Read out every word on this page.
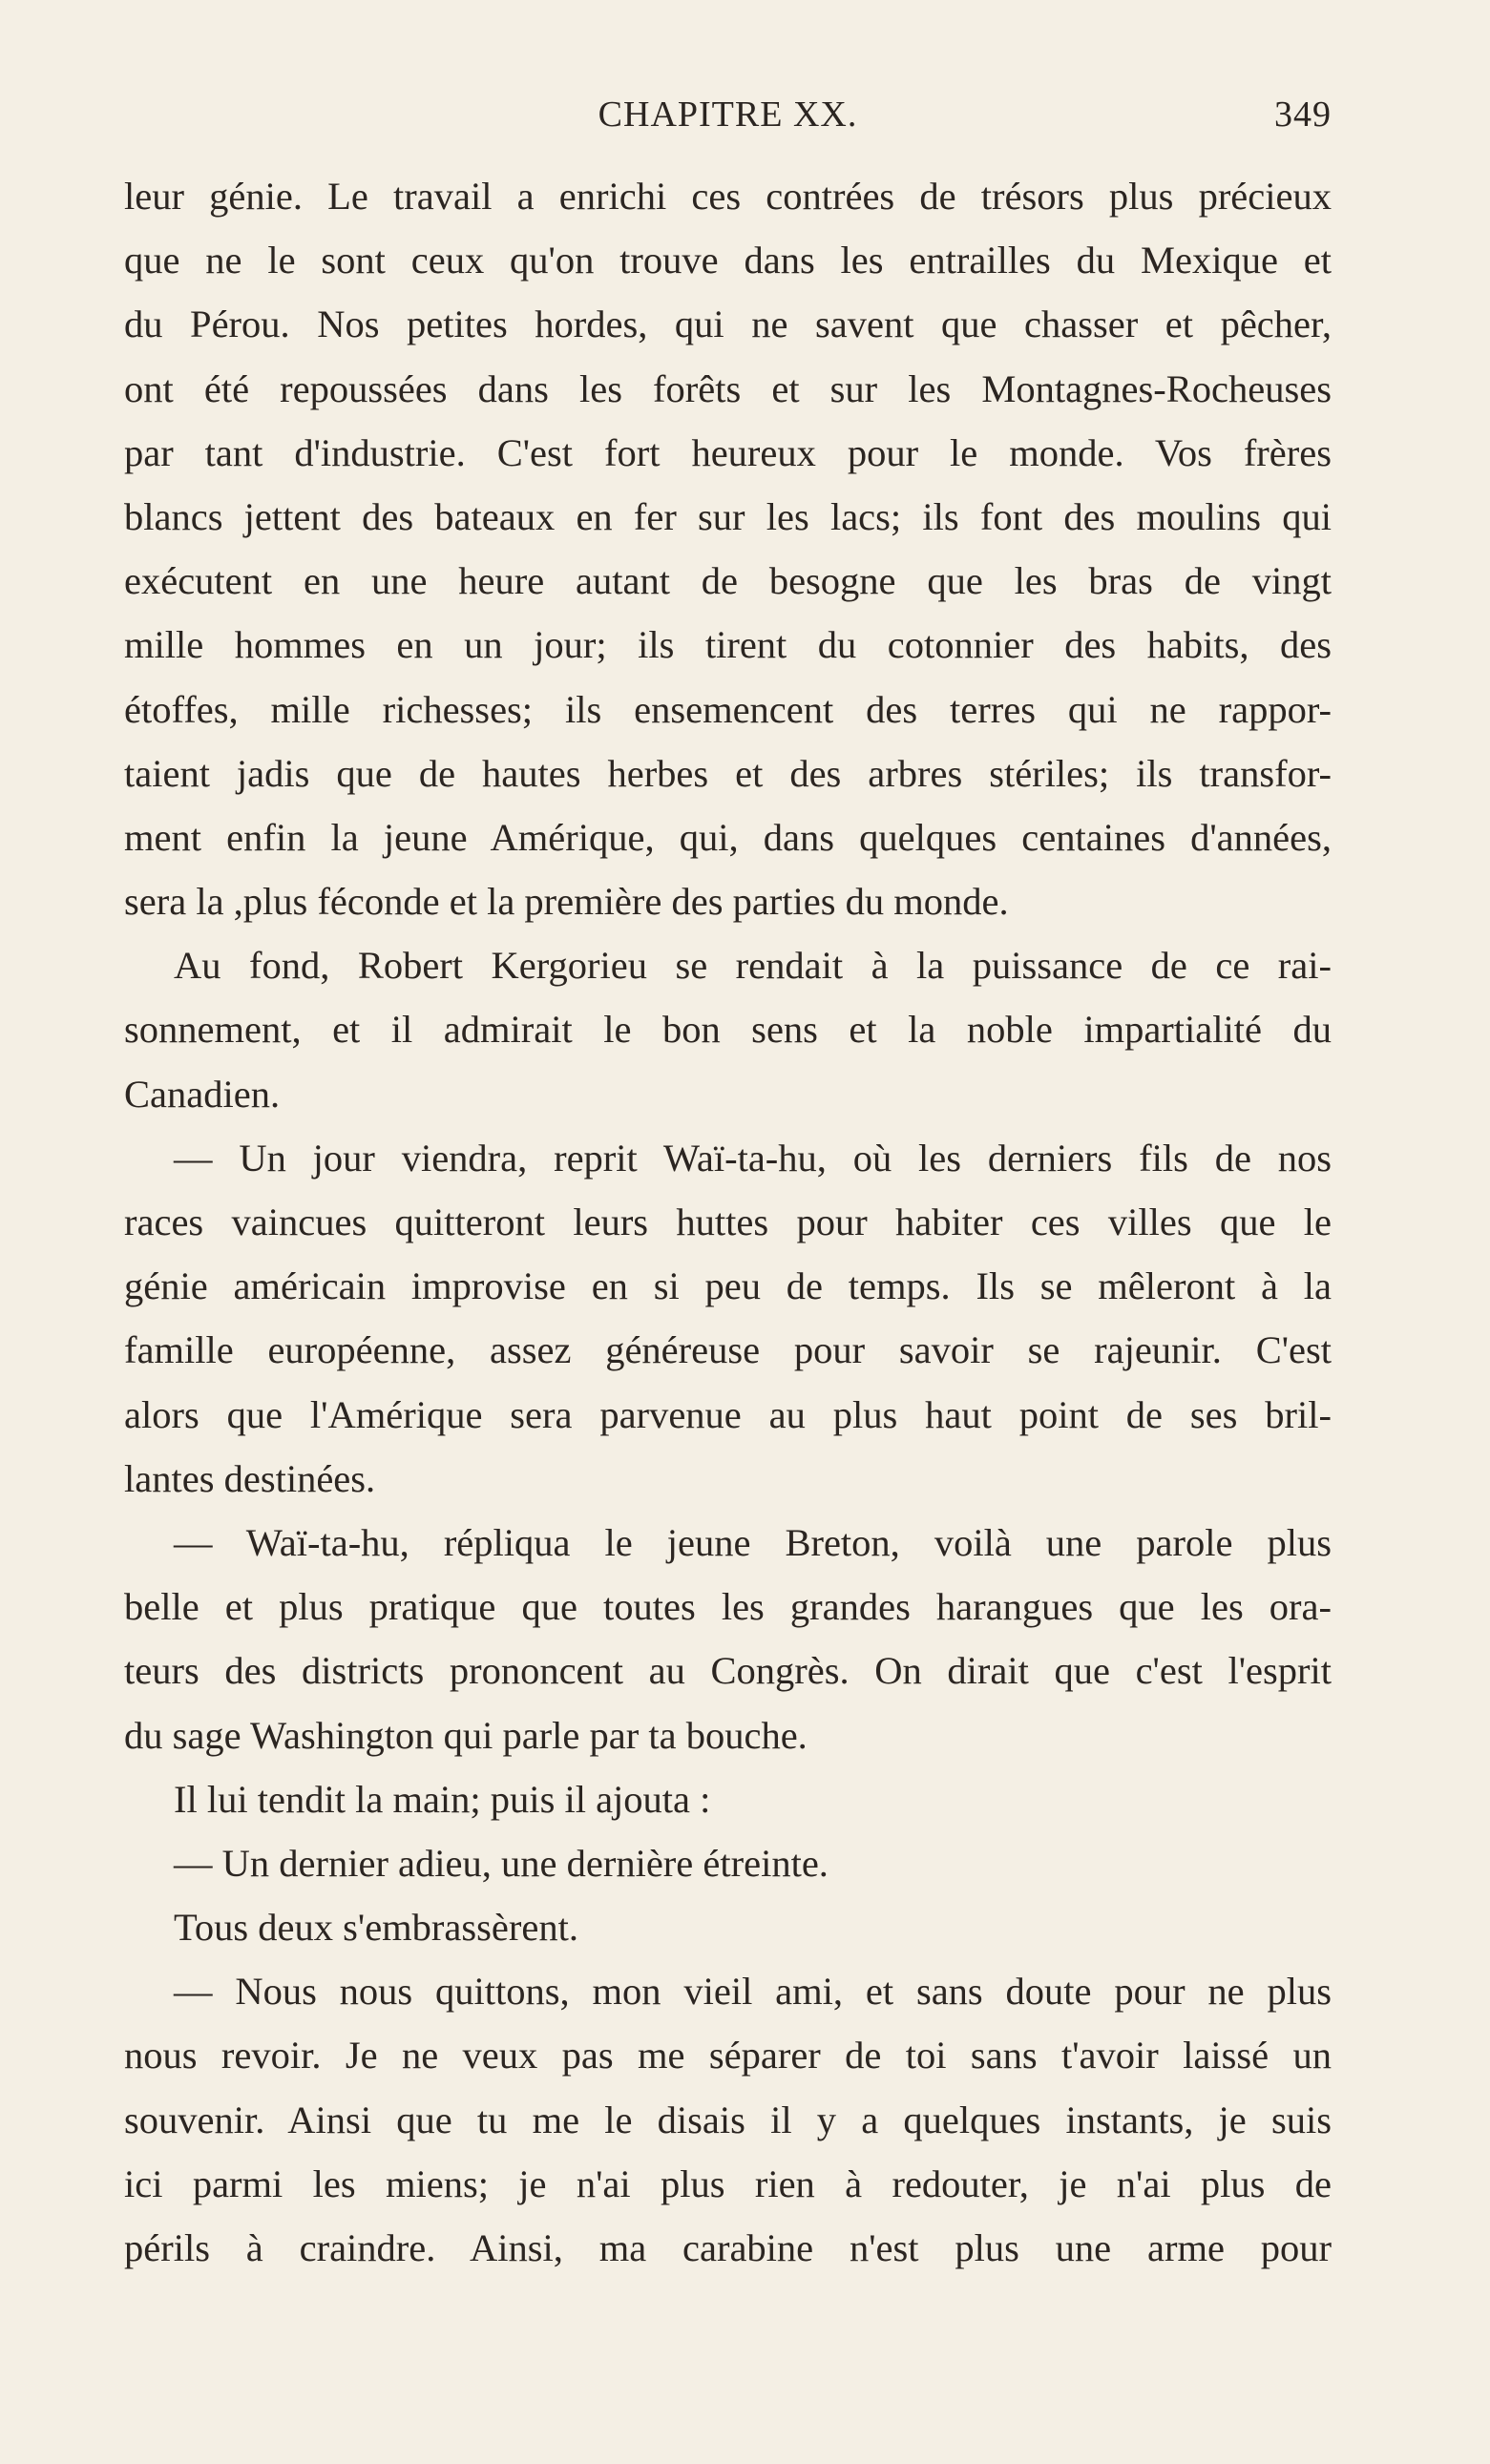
CHAPITRE XX.	349
leur génie. Le travail a enrichi ces contrées de trésors plus précieux
que ne le sont ceux qu'on trouve dans les entrailles du Mexique et
du Pérou. Nos petites hordes, qui ne savent que chasser et pêcher,
ont été repoussées dans les forêts et sur les Montagnes-Rocheuses
par tant d'industrie. C'est fort heureux pour le monde. Vos frères
blancs jettent des bateaux en fer sur les lacs; ils font des moulins qui
exécutent en une heure autant de besogne que les bras de vingt
mille hommes en un jour; ils tirent du cotonnier des habits, des
étoffes, mille richesses; ils ensemencent des terres qui ne rappor-
taient jadis que de hautes herbes et des arbres stériles; ils transfor-
ment enfin la jeune Amérique, qui, dans quelques centaines d'années,
sera la ,plus féconde et la première des parties du monde.
Au fond, Robert Kergorieu se rendait à la puissance de ce rai-
sonnement, et il admirait le bon sens et la noble impartialité du
Canadien.
— Un jour viendra, reprit Waï-ta-hu, où les derniers fils de nos
races vaincues quitteront leurs huttes pour habiter ces villes que le
génie américain improvise en si peu de temps. Ils se mêleront à la
famille européenne, assez généreuse pour savoir se rajeunir. C'est
alors que l'Amérique sera parvenue au plus haut point de ses bril-
lantes destinées.
— Waï-ta-hu, répliqua le jeune Breton, voilà une parole plus
belle et plus pratique que toutes les grandes harangues que les ora-
teurs des districts prononcent au Congrès. On dirait que c'est l'esprit
du sage Washington qui parle par ta bouche.
Il lui tendit la main; puis il ajouta :
— Un dernier adieu, une dernière étreinte.
Tous deux s'embrassèrent.
— Nous nous quittons, mon vieil ami, et sans doute pour ne plus
nous revoir. Je ne veux pas me séparer de toi sans t'avoir laissé un
souvenir. Ainsi que tu me le disais il y a quelques instants, je suis
ici parmi les miens; je n'ai plus rien à redouter, je n'ai plus de
périls à craindre. Ainsi, ma carabine n'est plus une arme pour
